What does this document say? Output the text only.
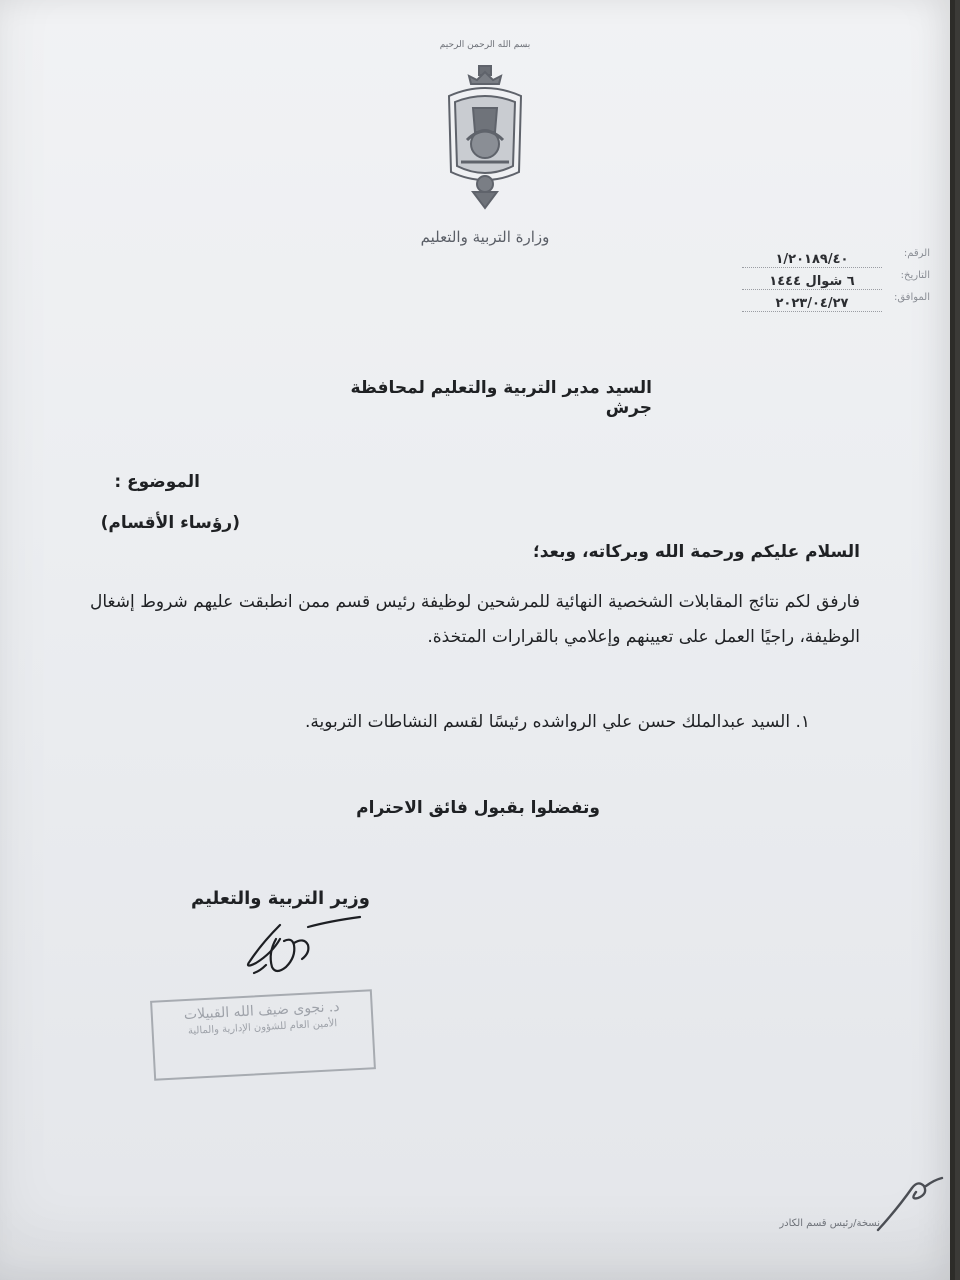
بسم الله الرحمن الرحيم
وزارة التربية والتعليم
الرقم:
١/٢٠١٨٩/٤٠
التاريخ:
٦ شوال ١٤٤٤
الموافق:
٢٠٢٣/٠٤/٢٧
السيد مدير التربية والتعليم لمحافظة جرش
الموضوع :
(رؤساء الأقسام)
السلام عليكم ورحمة الله وبركاته، وبعد؛
فارفق لكم نتائج المقابلات الشخصية النهائية للمرشحين لوظيفة رئيس قسم ممن انطبقت عليهم شروط إشغال الوظيفة، راجيًا العمل على تعيينهم وإعلامي بالقرارات المتخذة.
١. السيد عبدالملك حسن علي الرواشده رئيسًا لقسم النشاطات التربوية.
وتفضلوا بقبول فائق الاحترام
وزير التربية والتعليم
د. نجوى ضيف الله القبيلات
الأمين العام للشؤون الإدارية والمالية
نسخة/رئيس قسم الكادر
